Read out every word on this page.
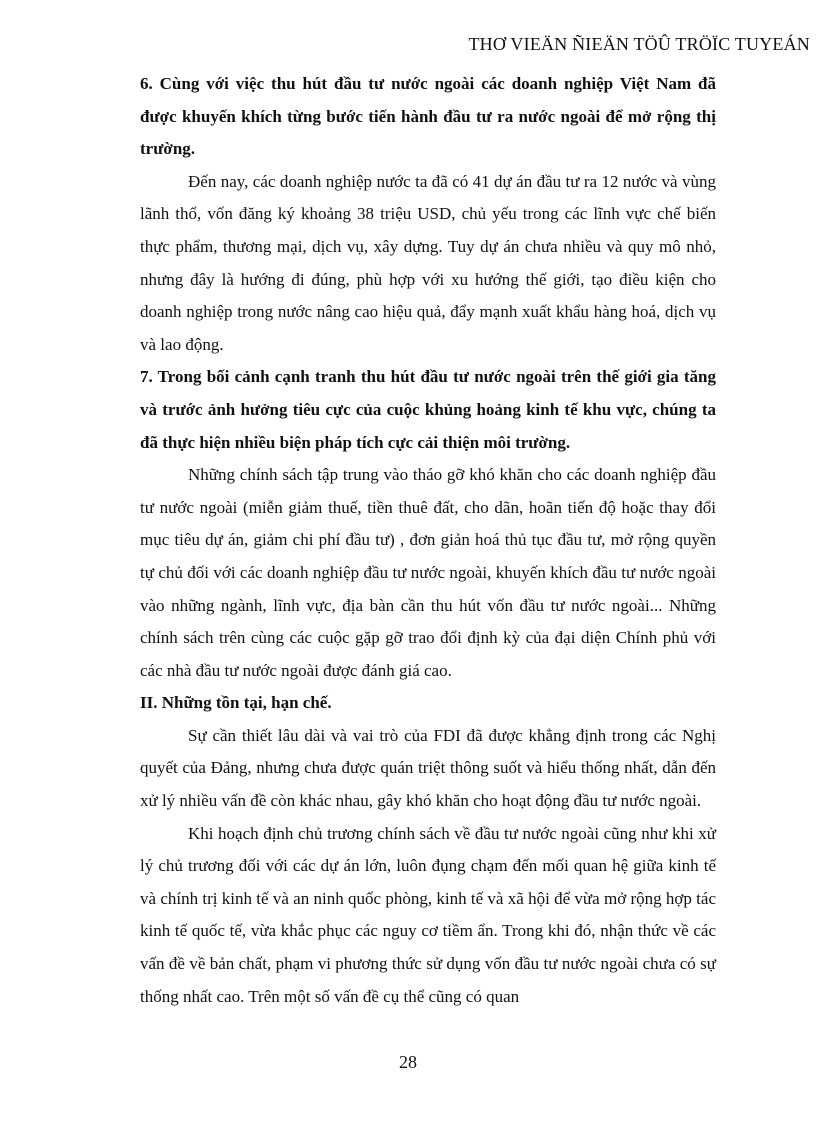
THƠ VIEÄN ÑIEÄN TÖÛ TRÖÏC TUYEÁN

6. Cùng với việc thu hút đầu tư nước ngoài các doanh nghiệp Việt Nam đã được khuyến khích từng bước tiến hành đầu tư ra nước ngoài để mở rộng thị trường.

Đến nay, các doanh nghiệp nước ta đã có 41 dự án đầu tư ra 12 nước và vùng lãnh thổ, vốn đăng ký khoảng 38 triệu USD, chủ yếu trong các lĩnh vực chế biến thực phẩm, thương mại, dịch vụ, xây dựng. Tuy dự án chưa nhiều và quy mô nhỏ, nhưng đây là hướng đi đúng, phù hợp với xu hướng thế giới, tạo điều kiện cho doanh nghiệp trong nước nâng cao hiệu quả, đẩy mạnh xuất khẩu hàng hoá, dịch vụ và lao động.

7. Trong bối cảnh cạnh tranh thu hút đầu tư nước ngoài trên thế giới gia tăng và trước ảnh hưởng tiêu cực của cuộc khủng hoảng kinh tế khu vực, chúng ta đã thực hiện nhiều biện pháp tích cực cải thiện môi trường.

Những chính sách tập trung vào tháo gỡ khó khăn cho các doanh nghiệp đầu tư nước ngoài (miễn giảm thuế, tiền thuê đất, cho dãn, hoãn tiến độ hoặc thay đổi mục tiêu dự án, giảm chi phí đầu tư) , đơn giản hoá thủ tục đầu tư, mở rộng quyền tự chủ đối với các doanh nghiệp đầu tư nước ngoài, khuyến khích đầu tư nước ngoài vào những ngành, lĩnh vực, địa bàn cần thu hút vốn đầu tư nước ngoài... Những chính sách trên cùng các cuộc gặp gỡ trao đổi định kỳ của đại diện Chính phủ với các nhà đầu tư nước ngoài được đánh giá cao.

II. Những tồn tại, hạn chế.

Sự cần thiết lâu dài và vai trò của FDI đã được khẳng định trong các Nghị quyết của Đảng, nhưng chưa được quán triệt thông suốt và hiểu thống nhất, dẫn đến xử lý nhiều vấn đề còn khác nhau, gây khó khăn cho hoạt động đầu tư nước ngoài.

Khi hoạch định chủ trương chính sách về đầu tư nước ngoài cũng như khi xử lý chủ trương đối với các dự án lớn, luôn đụng chạm đến mối quan hệ giữa kinh tế và chính trị kinh tế và an ninh quốc phòng, kinh tế và xã hội để vừa mở rộng hợp tác kinh tế quốc tế, vừa khắc phục các nguy cơ tiềm ẩn. Trong khi đó, nhận thức về các vấn đề về bản chất, phạm vi phương thức sử dụng vốn đầu tư nước ngoài chưa có sự thống nhất cao. Trên một số vấn đề cụ thể cũng có quan

28
